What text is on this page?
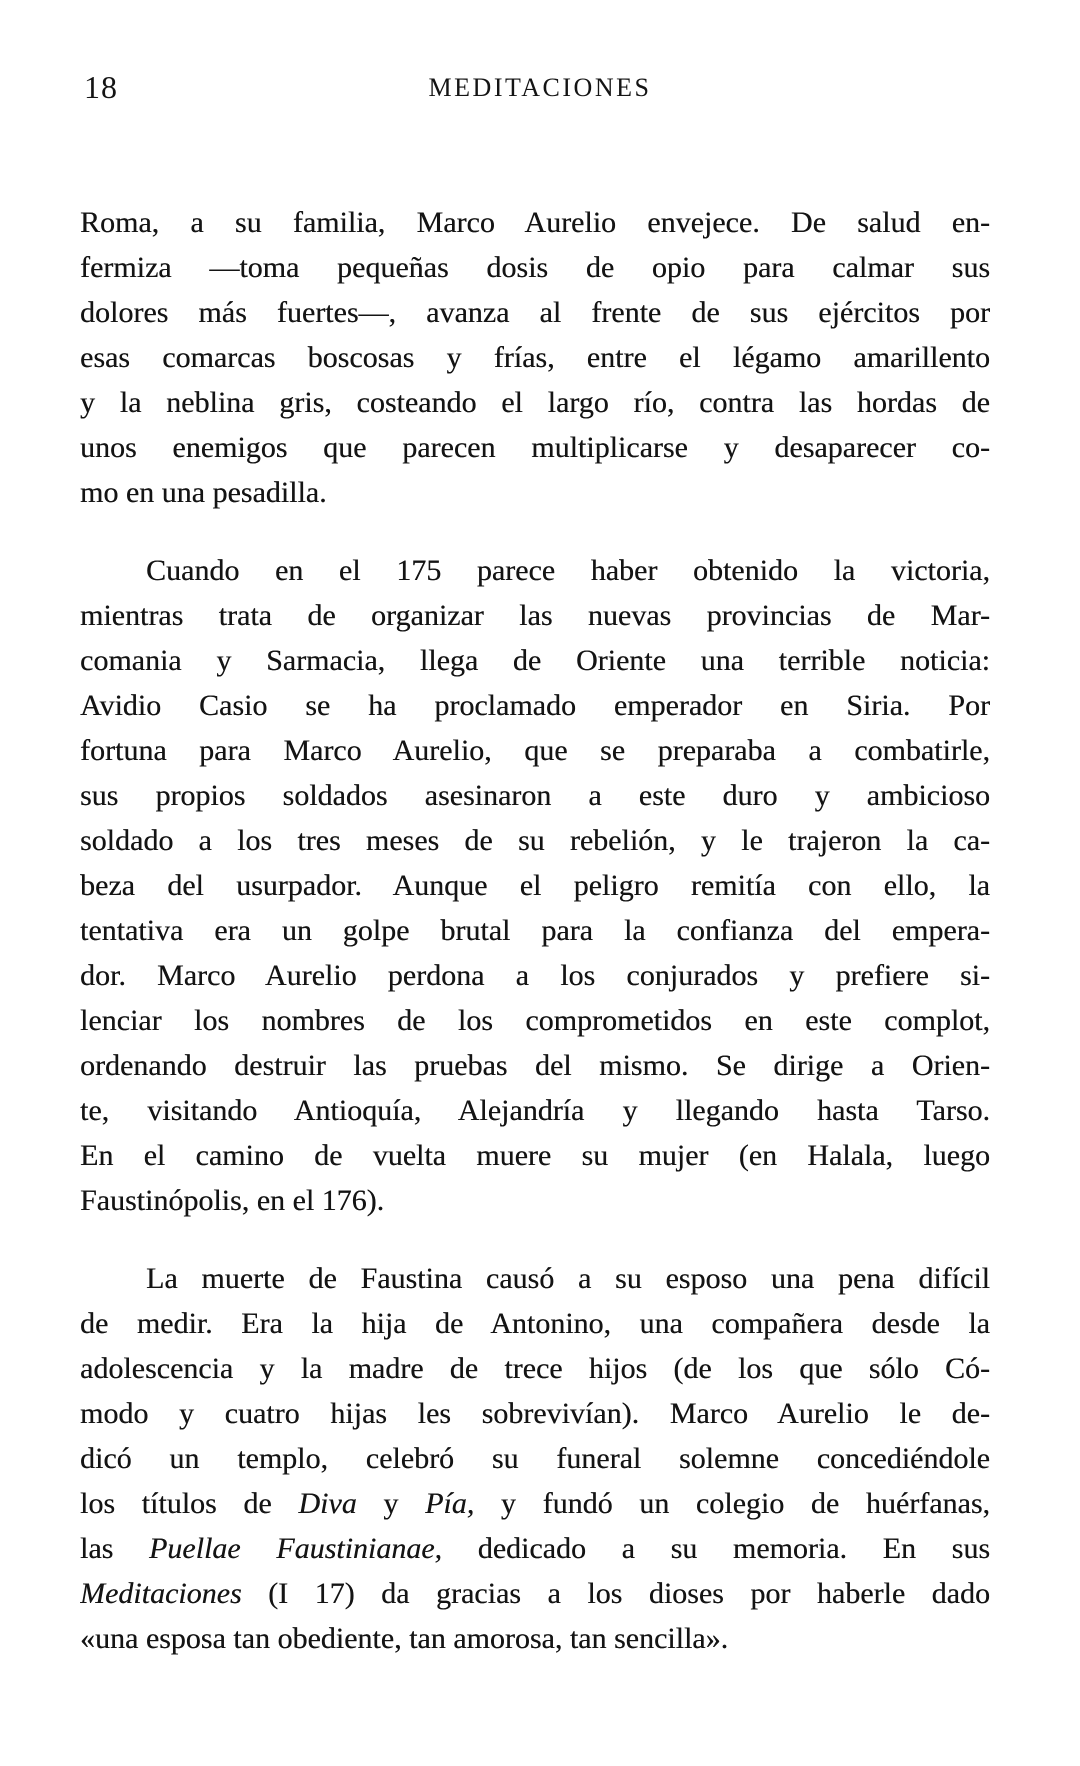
18	MEDITACIONES
Roma, a su familia, Marco Aurelio envejece. De salud en-
fermiza —toma pequeñas dosis de opio para calmar sus
dolores más fuertes—, avanza al frente de sus ejércitos por
esas comarcas boscosas y frías, entre el légamo amarillento
y la neblina gris, costeando el largo río, contra las hordas de
unos enemigos que parecen multiplicarse y desaparecer co-
mo en una pesadilla.
Cuando en el 175 parece haber obtenido la victoria,
mientras trata de organizar las nuevas provincias de Mar-
comania y Sarmacia, llega de Oriente una terrible noticia:
Avidio Casio se ha proclamado emperador en Siria. Por
fortuna para Marco Aurelio, que se preparaba a combatirle,
sus propios soldados asesinaron a este duro y ambicioso
soldado a los tres meses de su rebelión, y le trajeron la ca-
beza del usurpador. Aunque el peligro remitía con ello, la
tentativa era un golpe brutal para la confianza del empera-
dor. Marco Aurelio perdona a los conjurados y prefiere si-
lenciar los nombres de los comprometidos en este complot,
ordenando destruir las pruebas del mismo. Se dirige a Orien-
te, visitando Antioquía, Alejandría y llegando hasta Tarso.
En el camino de vuelta muere su mujer (en Halala, luego
Faustinópolis, en el 176).
La muerte de Faustina causó a su esposo una pena difícil
de medir. Era la hija de Antonino, una compañera desde la
adolescencia y la madre de trece hijos (de los que sólo Có-
modo y cuatro hijas les sobrevivían). Marco Aurelio le de-
dicó un templo, celebró su funeral solemne concediéndole
los títulos de Diva y Pía, y fundó un colegio de huérfanas,
las Puellae Faustinianae, dedicado a su memoria. En sus
Meditaciones (I 17) da gracias a los dioses por haberle dado
«una esposa tan obediente, tan amorosa, tan sencilla».
